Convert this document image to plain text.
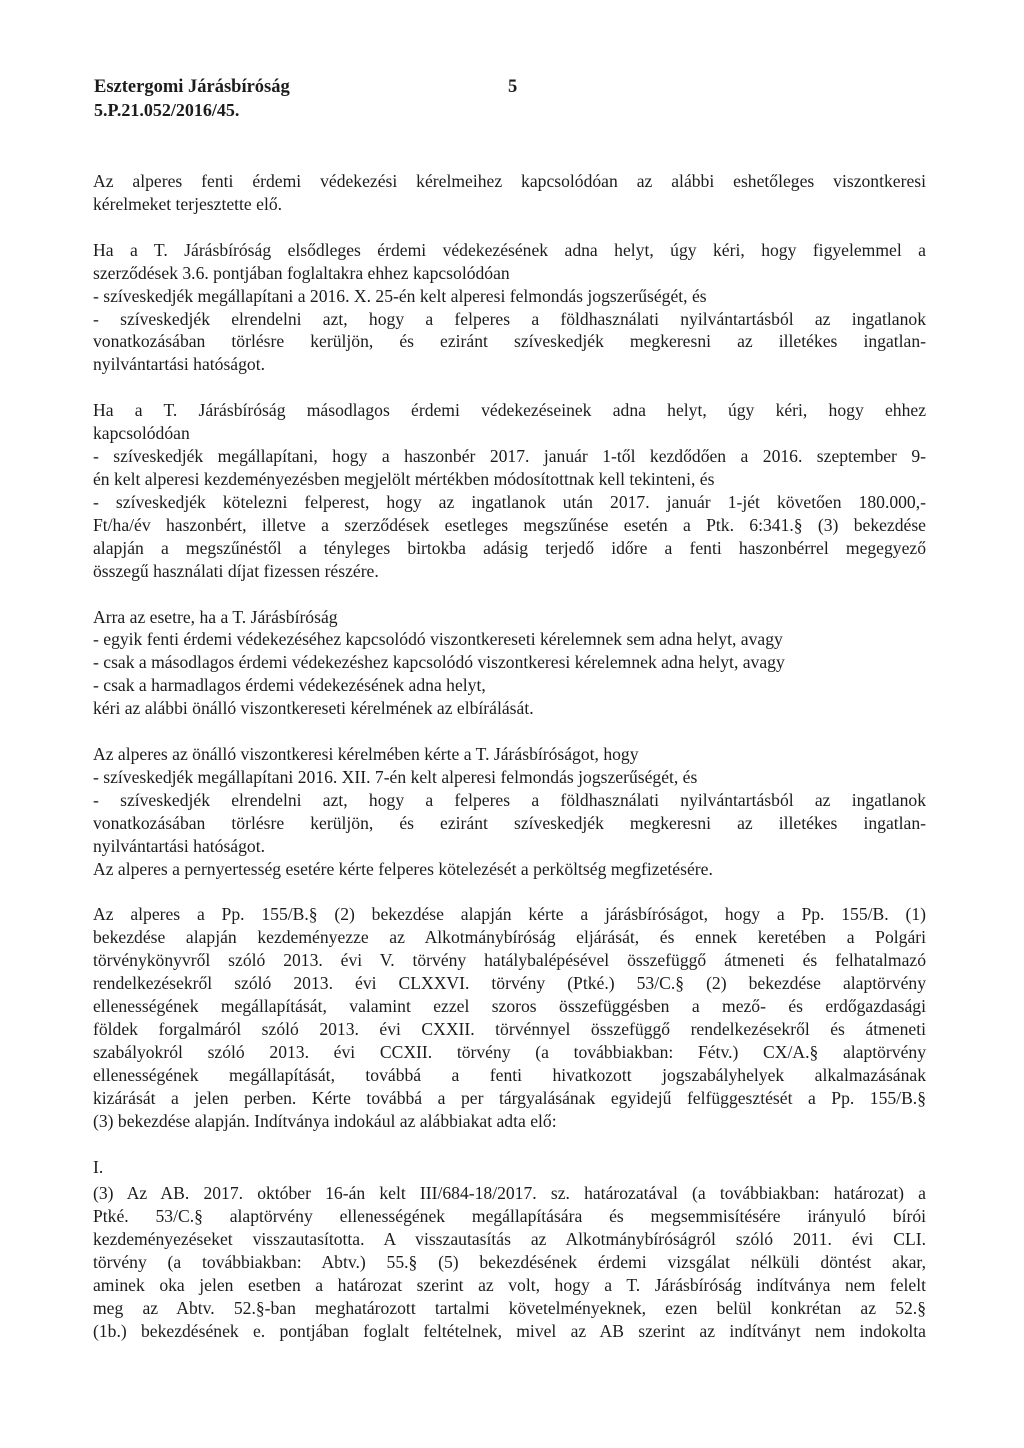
Esztergomi Járásbíróság	5
5.P.21.052/2016/45.
Az alperes fenti érdemi védekezési kérelmeihez kapcsolódóan az alábbi eshetőleges viszontkeresi
kérelmeket terjesztette elő.
Ha a T. Járásbíróság elsődleges érdemi védekezésének adna helyt, úgy kéri, hogy figyelemmel a
szerződések 3.6. pontjában foglaltakra ehhez kapcsolódóan
- szíveskedjék megállapítani a 2016. X. 25-én kelt alperesi felmondás jogszerűségét, és
- szíveskedjék elrendelni azt, hogy a felperes a földhasználati nyilvántartásból az ingatlanok
vonatkozásában törlésre kerüljön, és eziránt szíveskedjék megkeresni az illetékes ingatlan-
nyilvántartási hatóságot.
Ha a T. Járásbíróság másodlagos érdemi védekezéseinek adna helyt, úgy kéri, hogy ehhez
kapcsolódóan
- szíveskedjék megállapítani, hogy a haszonbér 2017. január 1-től kezdődően a 2016. szeptember 9-
én kelt alperesi kezdeményezésben megjelölt mértékben módosítottnak kell tekinteni, és
- szíveskedjék kötelezni felperest, hogy az ingatlanok után 2017. január 1-jét követően 180.000,-
Ft/ha/év haszonbért, illetve a szerződések esetleges megszűnése esetén a Ptk. 6:341.§ (3) bekezdése
alapján a megszűnéstől a tényleges birtokba adásig terjedő időre a fenti haszonbérrel megegyező
összegű használati díjat fizessen részére.
Arra az esetre, ha a T. Járásbíróság
- egyik fenti érdemi védekezéséhez kapcsolódó viszontkereseti kérelemnek sem adna helyt, avagy
- csak a másodlagos érdemi védekezéshez kapcsolódó viszontkeresi kérelemnek adna helyt, avagy
- csak a harmadlagos érdemi védekezésének adna helyt,
kéri az alábbi önálló viszontkereseti kérelmének az elbírálását.
Az alperes az önálló viszontkeresi kérelmében kérte a T. Járásbíróságot, hogy
- szíveskedjék megállapítani 2016. XII. 7-én kelt alperesi felmondás jogszerűségét, és
- szíveskedjék elrendelni azt, hogy a felperes a földhasználati nyilvántartásból az ingatlanok
vonatkozásában törlésre kerüljön, és eziránt szíveskedjék megkeresni az illetékes ingatlan-
nyilvántartási hatóságot.
Az alperes a pernyertesség esetére kérte felperes kötelezését a perköltség megfizetésére.
Az alperes a Pp. 155/B.§ (2) bekezdése alapján kérte a járásbíróságot, hogy a Pp. 155/B. (1)
bekezdése alapján kezdeményezze az Alkotmánybíróság eljárását, és ennek keretében a Polgári
törvénykönyvről szóló 2013. évi V. törvény hatálybalépésével összefüggő átmeneti és felhatalmazó
rendelkezésekről szóló 2013. évi CLXXVI. törvény (Ptké.) 53/C.§ (2) bekezdése alaptörvény
ellenességének megállapítását, valamint ezzel szoros összefüggésben a mező- és erdőgazdasági
földek forgalmáról szóló 2013. évi CXXII. törvénnyel összefüggő rendelkezésekről és átmeneti
szabályokról szóló 2013. évi CCXII. törvény (a továbbiakban: Fétv.) CX/A.§ alaptörvény
ellenességének megállapítását, továbbá a fenti hivatkozott jogszabályhelyek alkalmazásának
kizárását a jelen perben. Kérte továbbá a per tárgyalásának egyidejű felfüggesztését a Pp. 155/B.§
(3) bekezdése alapján. Indítványa indokául az alábbiakat adta elő:
I.
(3) Az AB. 2017. október 16-án kelt III/684-18/2017. sz. határozatával (a továbbiakban: határozat) a
Ptké. 53/C.§ alaptörvény ellenességének megállapítására és megsemmisítésére irányuló bírói
kezdeményezéseket visszautasította. A visszautasítás az Alkotmánybíróságról szóló 2011. évi CLI.
törvény (a továbbiakban: Abtv.) 55.§ (5) bekezdésének érdemi vizsgálat nélküli döntést akar,
aminek oka jelen esetben a határozat szerint az volt, hogy a T. Járásbíróság indítványa nem felelt
meg az Abtv. 52.§-ban meghatározott tartalmi követelményeknek, ezen belül konkrétan az 52.§
(1b.) bekezdésének e. pontjában foglalt feltételnek, mivel az AB szerint az indítványt nem indokolta
